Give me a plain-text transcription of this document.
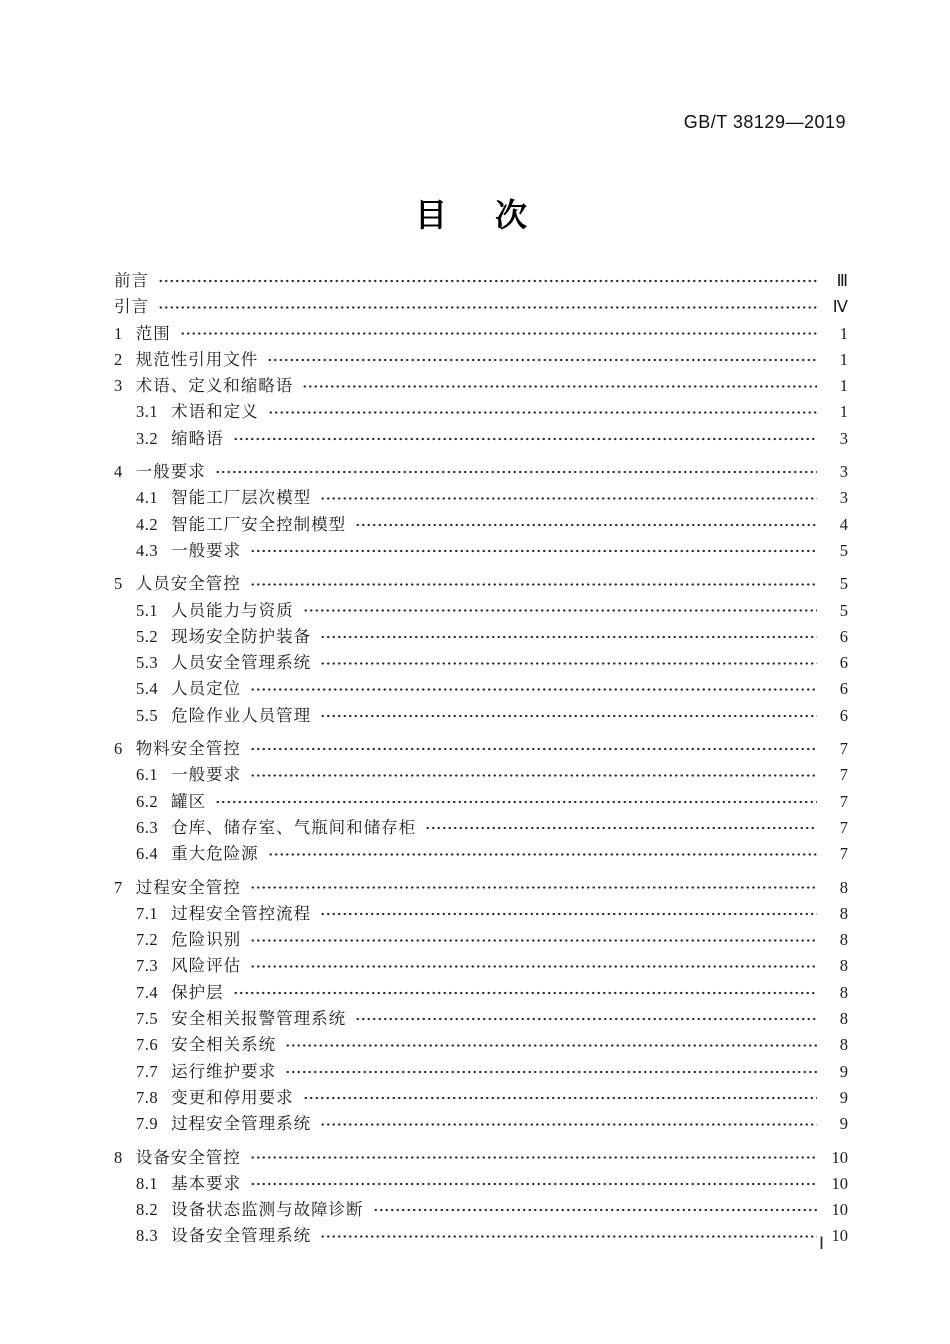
GB/T 38129—2019
目　次
前言	Ⅲ
引言	Ⅳ
1 范围	1
2 规范性引用文件	1
3 术语、定义和缩略语	1
3.1 术语和定义	1
3.2 缩略语	3
4 一般要求	3
4.1 智能工厂层次模型	3
4.2 智能工厂安全控制模型	4
4.3 一般要求	5
5 人员安全管控	5
5.1 人员能力与资质	5
5.2 现场安全防护装备	6
5.3 人员安全管理系统	6
5.4 人员定位	6
5.5 危险作业人员管理	6
6 物料安全管控	7
6.1 一般要求	7
6.2 罐区	7
6.3 仓库、储存室、气瓶间和储存柜	7
6.4 重大危险源	7
7 过程安全管控	8
7.1 过程安全管控流程	8
7.2 危险识别	8
7.3 风险评估	8
7.4 保护层	8
7.5 安全相关报警管理系统	8
7.6 安全相关系统	8
7.7 运行维护要求	9
7.8 变更和停用要求	9
7.9 过程安全管理系统	9
8 设备安全管控	10
8.1 基本要求	10
8.2 设备状态监测与故障诊断	10
8.3 设备安全管理系统	10
Ⅰ
